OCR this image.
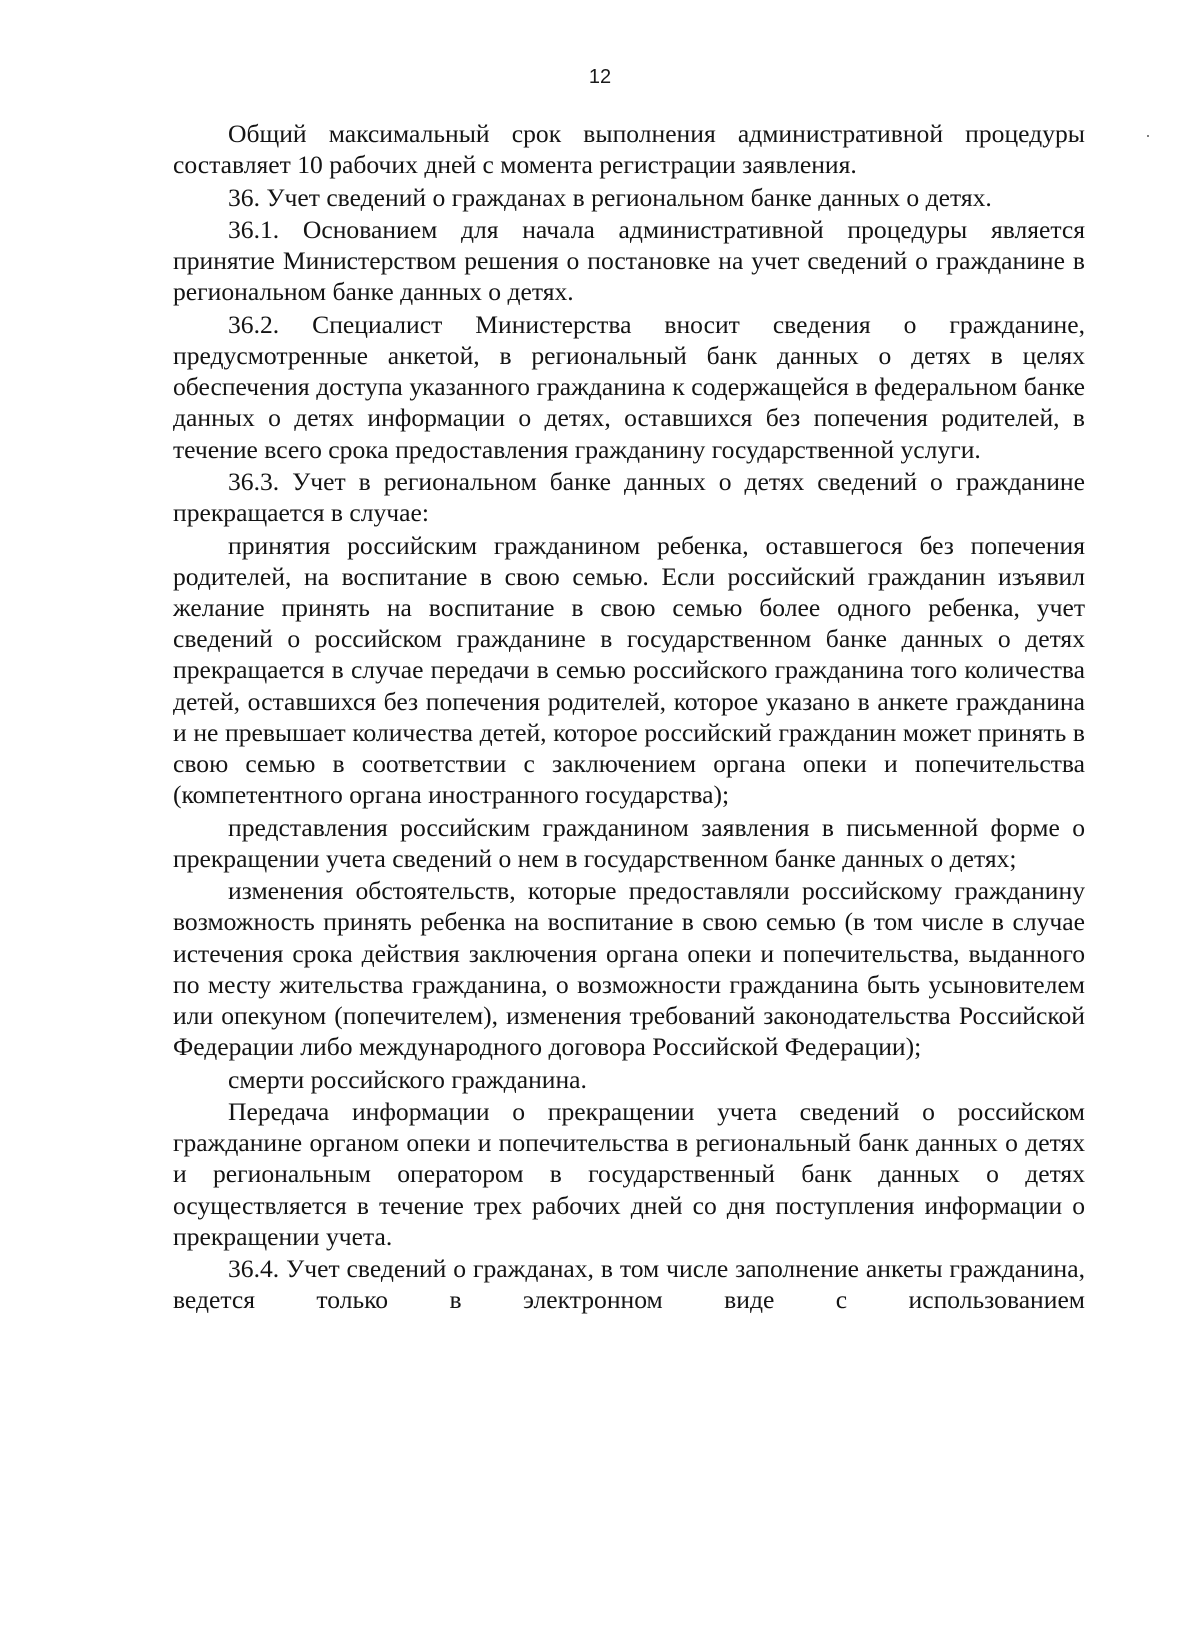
12

Общий максимальный срок выполнения административной процедуры составляет 10 рабочих дней с момента регистрации заявления.

36. Учет сведений о гражданах в региональном банке данных о детях.

36.1. Основанием для начала административной процедуры является принятие Министерством решения о постановке на учет сведений о гражданине в региональном банке данных о детях.

36.2. Специалист Министерства вносит сведения о гражданине, предусмотренные анкетой, в региональный банк данных о детях в целях обеспечения доступа указанного гражданина к содержащейся в федеральном банке данных о детях информации о детях, оставшихся без попечения родителей, в течение всего срока предоставления гражданину государственной услуги.

36.3. Учет в региональном банке данных о детях сведений о гражданине прекращается в случае:

принятия российским гражданином ребенка, оставшегося без попечения родителей, на воспитание в свою семью. Если российский гражданин изъявил желание принять на воспитание в свою семью более одного ребенка, учет сведений о российском гражданине в государственном банке данных о детях прекращается в случае передачи в семью российского гражданина того количества детей, оставшихся без попечения родителей, которое указано в анкете гражданина и не превышает количества детей, которое российский гражданин может принять в свою семью в соответствии с заключением органа опеки и попечительства (компетентного органа иностранного государства);

представления российским гражданином заявления в письменной форме о прекращении учета сведений о нем в государственном банке данных о детях;

изменения обстоятельств, которые предоставляли российскому гражданину возможность принять ребенка на воспитание в свою семью (в том числе в случае истечения срока действия заключения органа опеки и попечительства, выданного по месту жительства гражданина, о возможности гражданина быть усыновителем или опекуном (попечителем), изменения требований законодательства Российской Федерации либо международного договора Российской Федерации);

смерти российского гражданина.

Передача информации о прекращении учета сведений о российском гражданине органом опеки и попечительства в региональный банк данных о детях и региональным оператором в государственный банк данных о детях осуществляется в течение трех рабочих дней со дня поступления информации о прекращении учета.

36.4. Учет сведений о гражданах, в том числе заполнение анкеты гражданина, ведется только в электронном виде с использованием
